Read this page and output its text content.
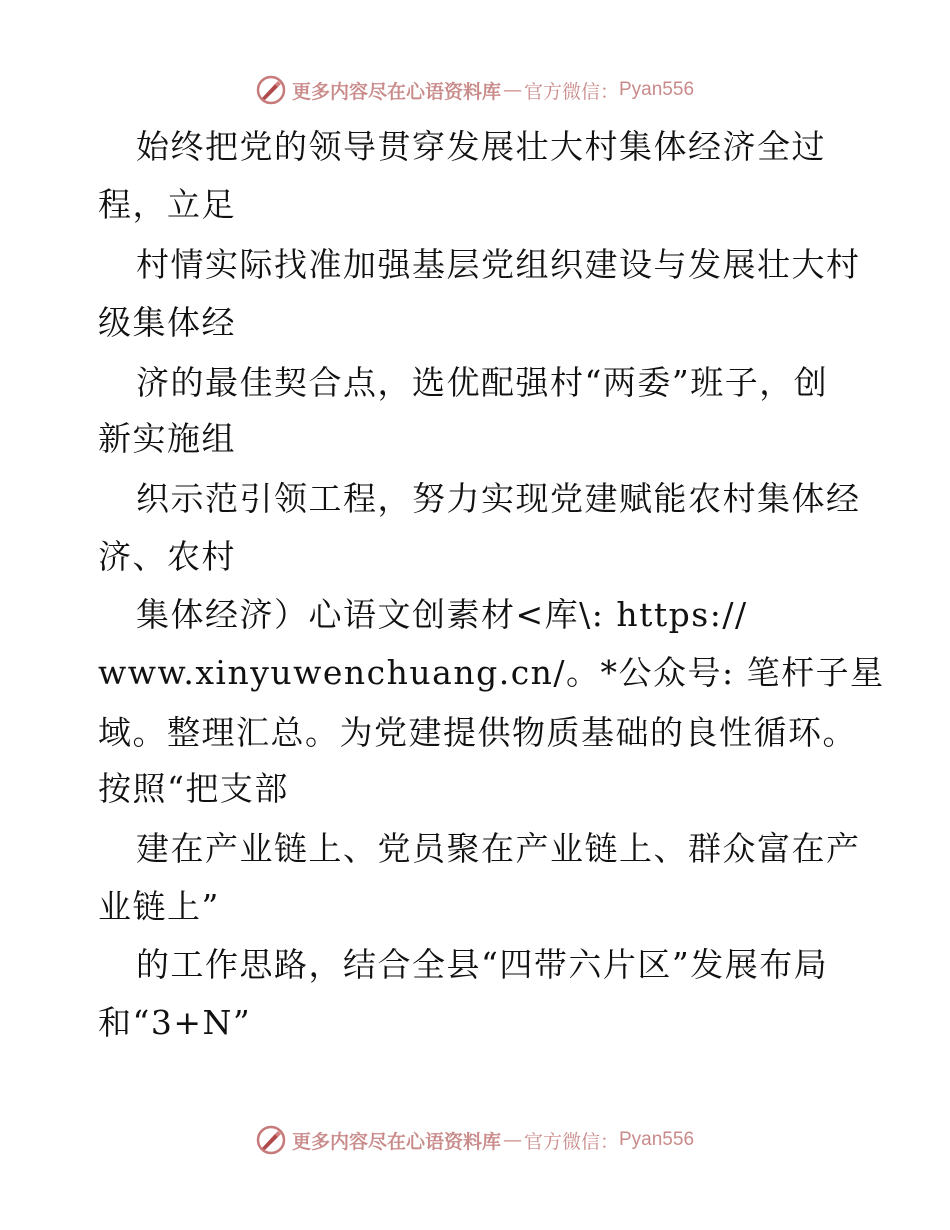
更多内容尽在心语资料库 — 官方微信： Pyan556
始终把党的领导贯穿发展壮大村集体经济全过
程，立足
村情实际找准加强基层党组织建设与发展壮大村
级集体经
济的最佳契合点，选优配强村“两委”班子，创
新实施组
织示范引领工程，努力实现党建赋能农村集体经
济、农村
集体经济）心语文创素材<库\: https://
www.xinyuwenchuang.cn/。*公众号: 笔杆子星
域。整理汇总。为党建提供物质基础的良性循环。
按照“把支部
建在产业链上、党员聚在产业链上、群众富在产
业链上”
的工作思路，结合全县“四带六片区”发展布局
和“3+N”
更多内容尽在心语资料库 — 官方微信： Pyan556
